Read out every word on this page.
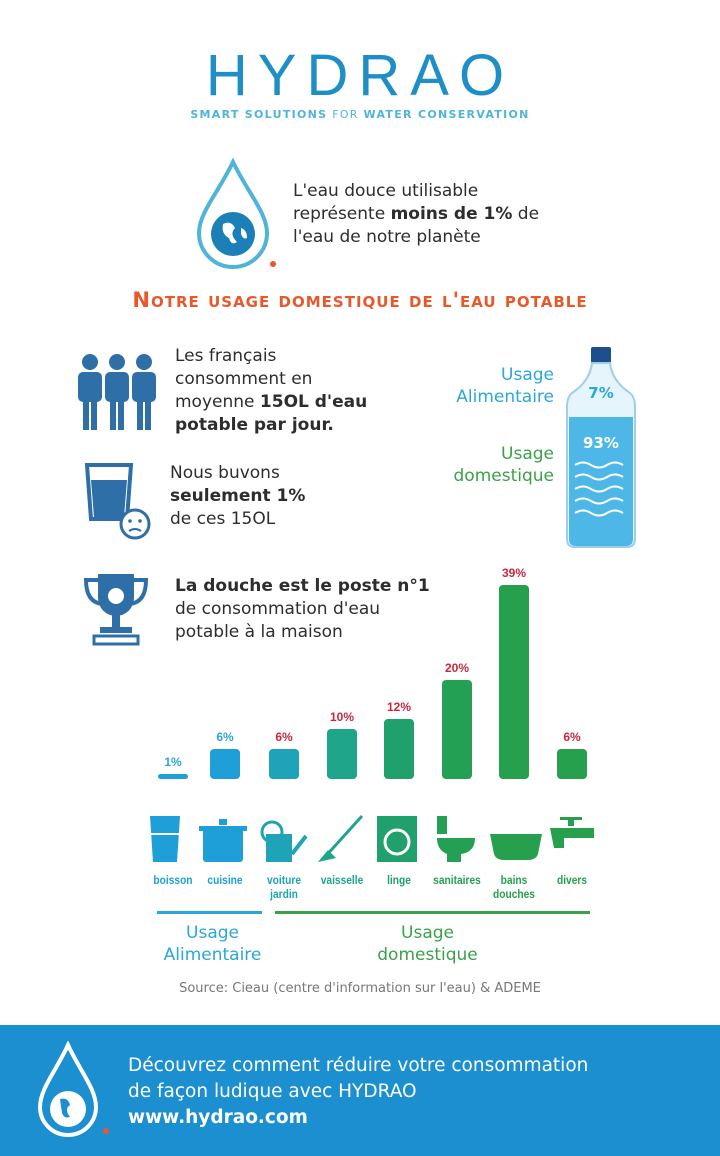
HYDRAO
SMART SOLUTIONS FOR WATER CONSERVATION
L'eau douce utilisable
représente moins de 1% de
l'eau de notre planète
Notre usage domestique de l'eau potable
Les français
consomment en
moyenne 15OL d'eau
potable par jour.
Nous buvons
seulement 1%
de ces 15OL
Usage
Alimentaire
Usage
domestique
7%
93%
La douche est le poste n°1
de consommation d'eau
potable à la maison
1%
boisson
6%
cuisine
6%
voiture jardin
10%
vaisselle
12%
linge
20%
sanitaires
39%
bains douches
6%
divers
Usage
Alimentaire
Usage
domestique
Source: Cieau (centre d'information sur l'eau) & ADEME
Découvrez comment réduire votre consommation
de façon ludique avec HYDRAO
www.hydrao.com
